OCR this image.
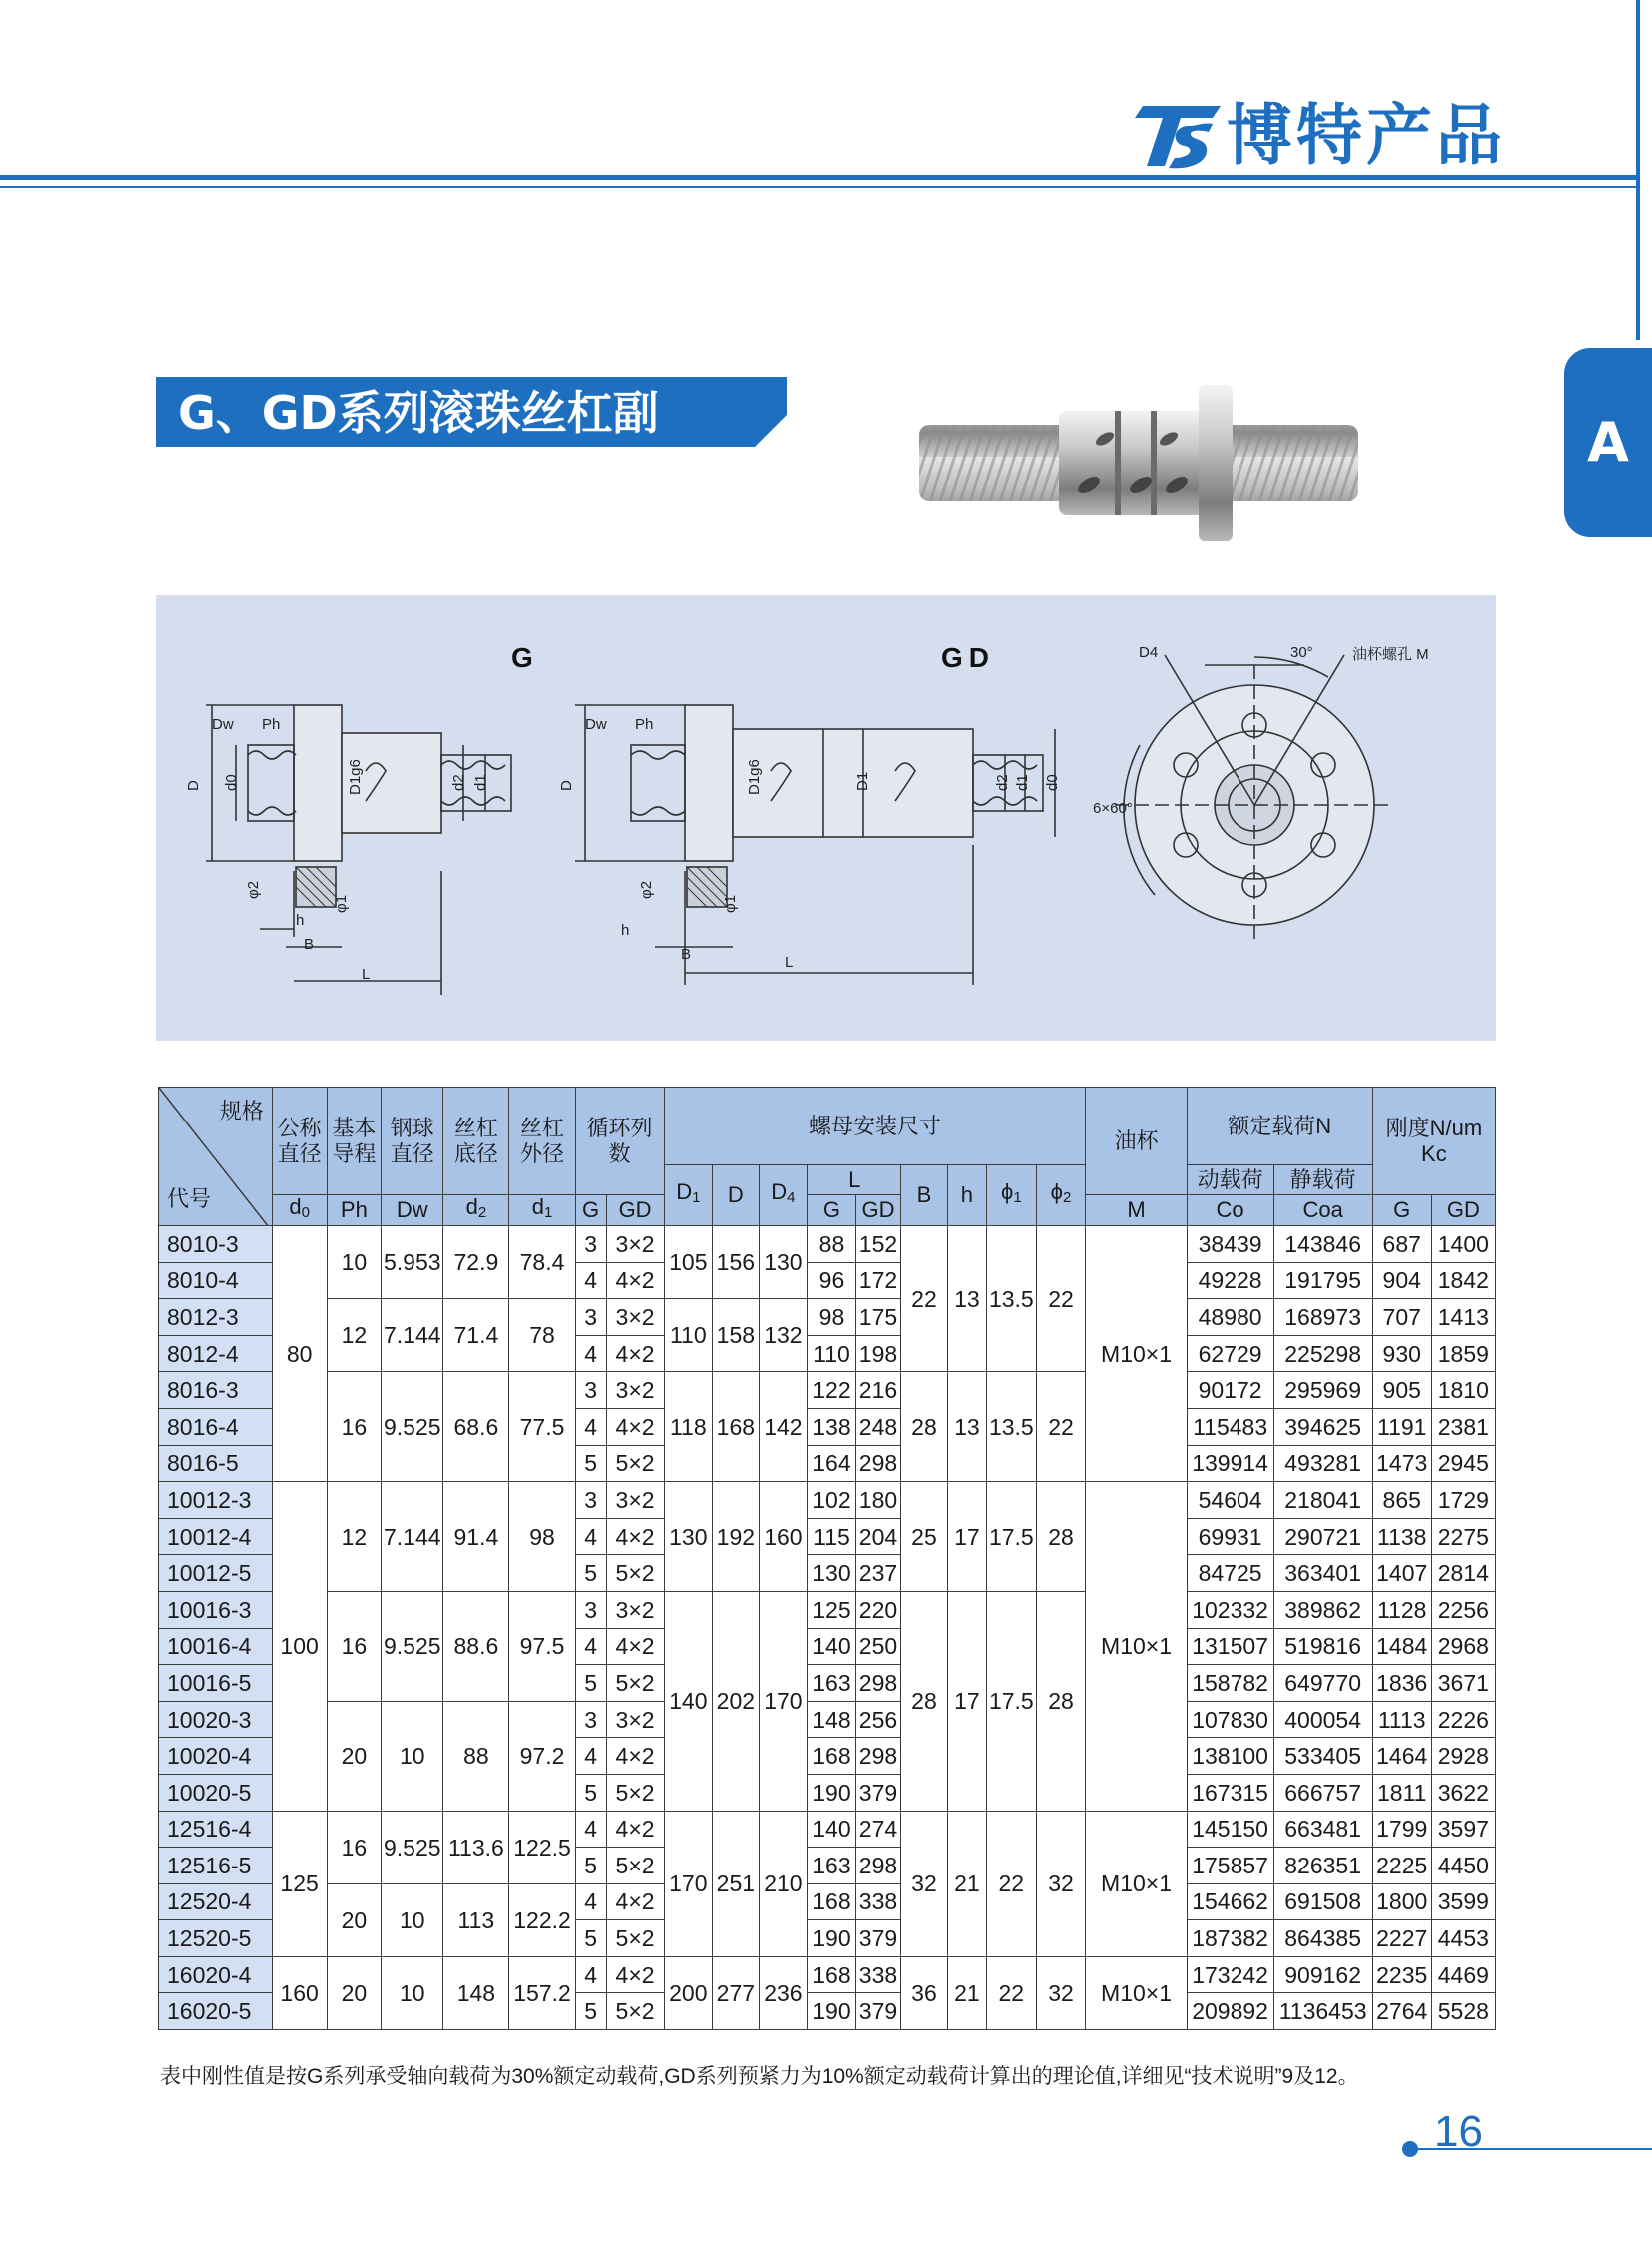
TS 博特产品
A
G、GD系列滚珠丝杠副
G	GD
Dw Ph
D d0	D1g6	d2 d1
φ2
φ1
h
B
L
Dw Ph
D	D1g6	D1	d2 d1 d0
φ2
φ1
h
B	L
D4	30°	油杯螺孔 M
6×60°
规格
代号	公称直径	基本导程	钢球直径	丝杠底径	丝杠外径	循环列数		螺母安装尺寸									油杯	额定载荷N		刚度N/um Kc	
								$D_1$	D	$D_4$	L		B	h	$\phi_1$	$\phi_2$		动载荷	静载荷		
	$d_0$	Ph	Dw	$d_2$	$d_1$	G	GD				G	GD					M	Co	Coa	G	GD
8010-3	80	10	5.953	72.9	78.4	3	3×2	105	156	130	88	152	22	13	13.5	22	M10×1	38439	143846	687	1400
8010-4						4	4×2				96	172						49228	191795	904	1842
8012-3		12	7.144	71.4	78	3	3×2	110	158	132	98	175						48980	168973	707	1413
8012-4						4	4×2				110	198						62729	225298	930	1859
8016-3		16	9.525	68.6	77.5	3	3×2	118	168	142	122	216	28	13	13.5	22		90172	295969	905	1810
8016-4						4	4×2				138	248						115483	394625	1191	2381
8016-5						5	5×2				164	298						139914	493281	1473	2945
10012-3	100	12	7.144	91.4	98	3	3×2	130	192	160	102	180	25	17	17.5	28	M10×1	54604	218041	865	1729
10012-4						4	4×2				115	204						69931	290721	1138	2275
10012-5						5	5×2				130	237						84725	363401	1407	2814
10016-3		16	9.525	88.6	97.5	3	3×2	140	202	170	125	220	28	17	17.5	28		102332	389862	1128	2256
10016-4						4	4×2				140	250						131507	519816	1484	2968
10016-5						5	5×2				163	298						158782	649770	1836	3671
10020-3		20	10	88	97.2	3	3×2				148	256						107830	400054	1113	2226
10020-4						4	4×2				168	298						138100	533405	1464	2928
10020-5						5	5×2				190	379						167315	666757	1811	3622
12516-4	125	16	9.525	113.6	122.5	4	4×2	170	251	210	140	274	32	21	22	32	M10×1	145150	663481	1799	3597
12516-5						5	5×2				163	298						175857	826351	2225	4450
12520-4		20	10	113	122.2	4	4×2				168	338						154662	691508	1800	3599
12520-5						5	5×2				190	379						187382	864385	2227	4453
16020-4	160	20	10	148	157.2	4	4×2	200	277	236	168	338	36	21	22	32	M10×1	173242	909162	2235	4469
16020-5						5	5×2				190	379						209892	1136453	2764	5528
表中刚性值是按G系列承受轴向载荷为30%额定动载荷,GD系列预紧力为10%额定动载荷计算出的理论值,详细见“技术说明”9及12。
16
